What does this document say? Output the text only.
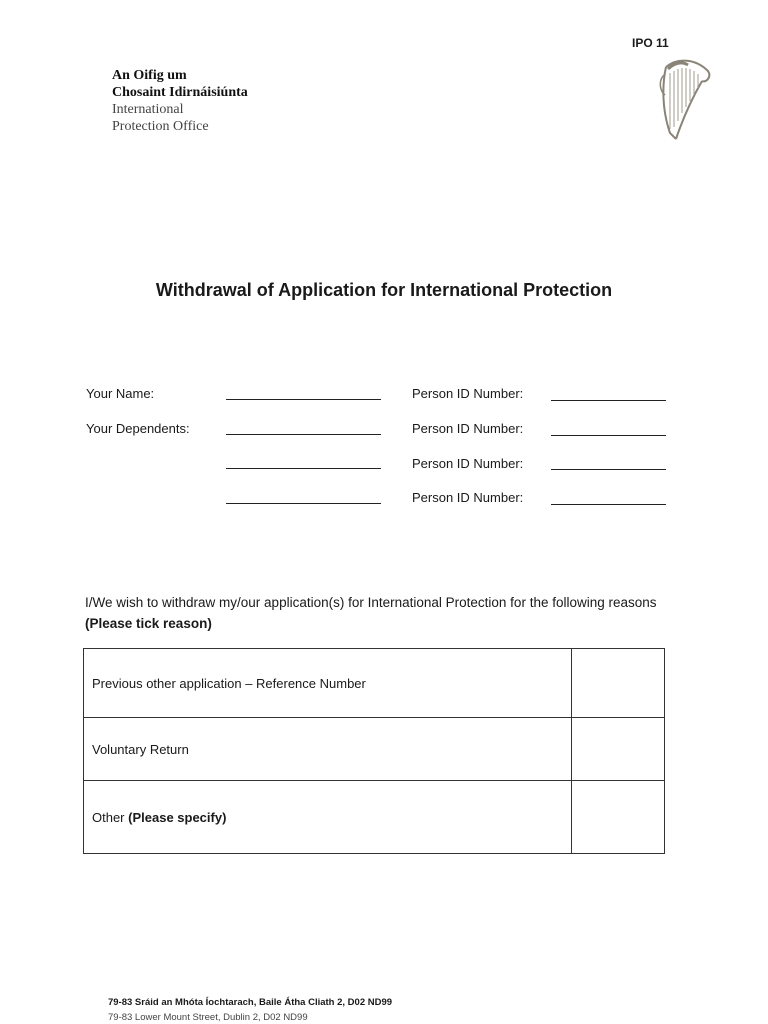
IPO 11
An Oifig um
Chosaint Idirnáisiúnta
International
Protection Office
Withdrawal of Application for International Protection
Your Name:	Person ID Number:
Your Dependents:	Person ID Number:
Person ID Number:
Person ID Number:
I/We wish to withdraw my/our application(s) for International Protection for the following reasons (Please tick reason)
Previous other application – Reference Number	
Voluntary Return	
Other (Please specify)	
79-83 Sráid an Mhóta Íochtarach, Baile Átha Cliath 2, D02 ND99
79-83 Lower Mount Street, Dublin 2, D02 ND99
